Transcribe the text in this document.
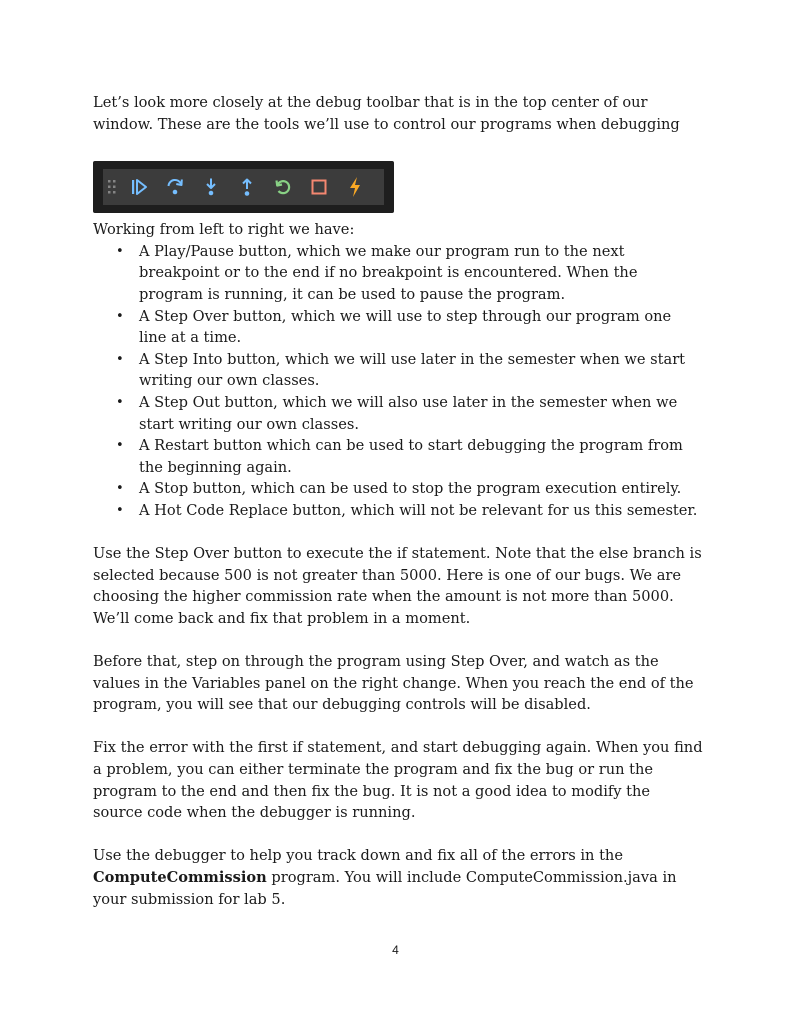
Let’s look more closely at the debug toolbar that is in the top center of our window. These are the tools we’ll use to control our programs when debugging

Working from left to right we have:

• A Play/Pause button, which we make our program run to the next breakpoint or to the end if no breakpoint is encountered. When the program is running, it can be used to pause the program.
• A Step Over button, which we will use to step through our program one line at a time.
• A Step Into button, which we will use later in the semester when we start writing our own classes.
• A Step Out button, which we will also use later in the semester when we start writing our own classes.
• A Restart button which can be used to start debugging the program from the beginning again.
• A Stop button, which can be used to stop the program execution entirely.
• A Hot Code Replace button, which will not be relevant for us this semester.

Use the Step Over button to execute the if statement. Note that the else branch is selected because 500 is not greater than 5000. Here is one of our bugs. We are choosing the higher commission rate when the amount is not more than 5000. We’ll come back and fix that problem in a moment.

Before that, step on through the program using Step Over, and watch as the values in the Variables panel on the right change. When you reach the end of the program, you will see that our debugging controls will be disabled.

Fix the error with the first if statement, and start debugging again. When you find a problem, you can either terminate the program and fix the bug or run the program to the end and then fix the bug. It is not a good idea to modify the source code when the debugger is running.

Use the debugger to help you track down and fix all of the errors in the ComputeCommission program. You will include ComputeCommission.java in your submission for lab 5.

4
